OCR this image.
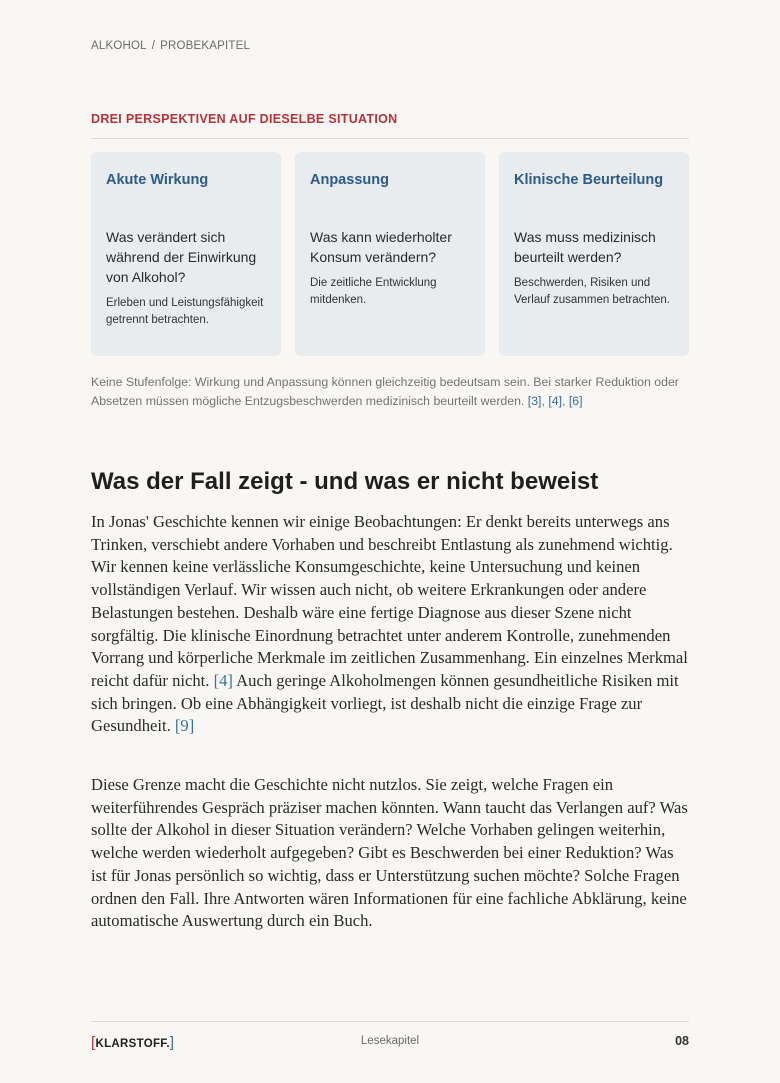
ALKOHOL / PROBEKAPITEL
DREI PERSPEKTIVEN AUF DIESELBE SITUATION
Akute Wirkung
Was verändert sich während der Einwirkung von Alkohol?
Erleben und Leistungsfähigkeit getrennt betrachten.
Anpassung
Was kann wiederholter Konsum verändern?
Die zeitliche Entwicklung mitdenken.
Klinische Beurteilung
Was muss medizinisch beurteilt werden?
Beschwerden, Risiken und Verlauf zusammen betrachten.
Keine Stufenfolge: Wirkung und Anpassung können gleichzeitig bedeutsam sein. Bei starker Reduktion oder Absetzen müssen mögliche Entzugsbeschwerden medizinisch beurteilt werden. [3], [4], [6]
Was der Fall zeigt - und was er nicht beweist

In Jonas' Geschichte kennen wir einige Beobachtungen: Er denkt bereits unterwegs ans Trinken, verschiebt andere Vorhaben und beschreibt Entlastung als zunehmend wichtig. Wir kennen keine verlässliche Konsumgeschichte, keine Untersuchung und keinen vollständigen Verlauf. Wir wissen auch nicht, ob weitere Erkrankungen oder andere Belastungen bestehen. Deshalb wäre eine fertige Diagnose aus dieser Szene nicht sorgfältig. Die klinische Einordnung betrachtet unter anderem Kontrolle, zunehmenden Vorrang und körperliche Merkmale im zeitlichen Zusammenhang. Ein einzelnes Merkmal reicht dafür nicht. [4] Auch geringe Alkoholmengen können gesundheitliche Risiken mit sich bringen. Ob eine Abhängigkeit vorliegt, ist deshalb nicht die einzige Frage zur Gesundheit. [9]

Diese Grenze macht die Geschichte nicht nutzlos. Sie zeigt, welche Fragen ein weiterführendes Gespräch präziser machen könnten. Wann taucht das Verlangen auf? Was sollte der Alkohol in dieser Situation verändern? Welche Vorhaben gelingen weiterhin, welche werden wiederholt aufgegeben? Gibt es Beschwerden bei einer Reduktion? Was ist für Jonas persönlich so wichtig, dass er Unterstützung suchen möchte? Solche Fragen ordnen den Fall. Ihre Antworten wären Informationen für eine fachliche Abklärung, keine automatische Auswertung durch ein Buch.

[KLARSTOFF.]	Lesekapitel	08
